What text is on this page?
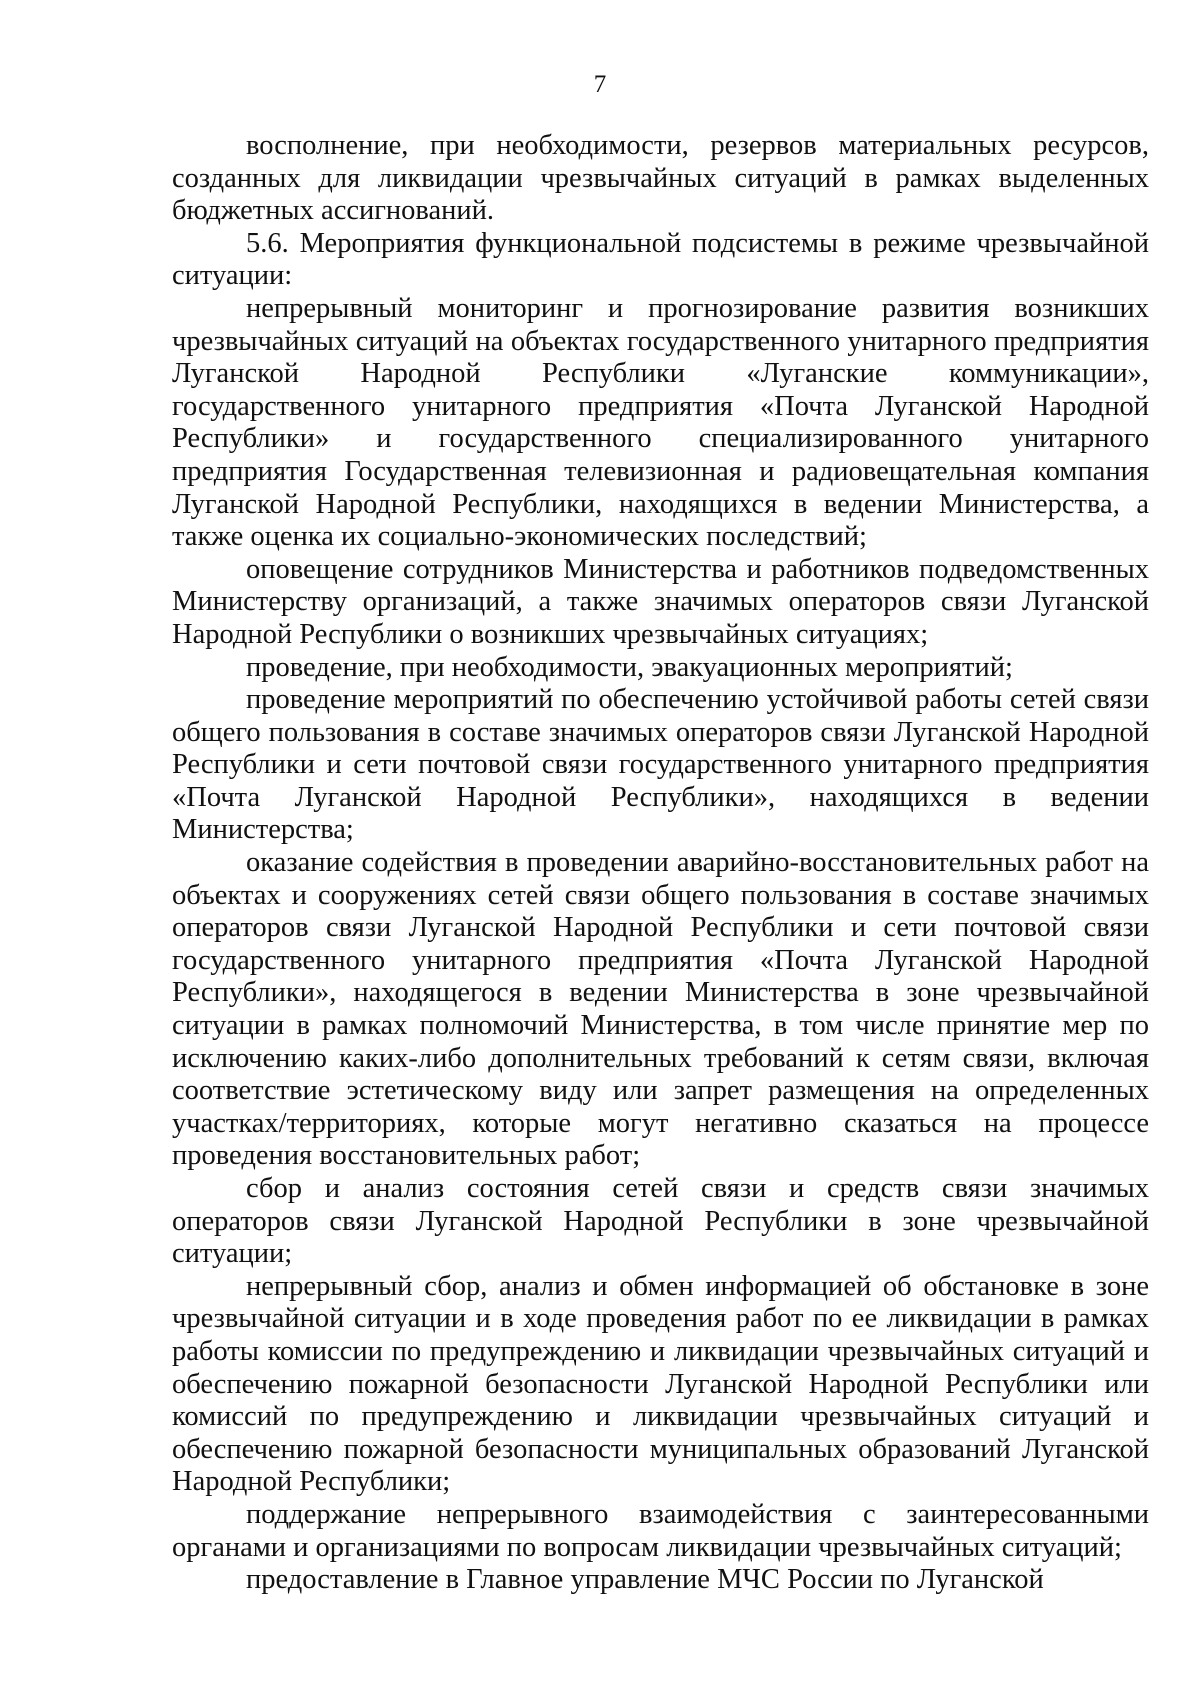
7

восполнение, при необходимости, резервов материальных ресурсов, созданных для ликвидации чрезвычайных ситуаций в рамках выделенных бюджетных ассигнований.

5.6. Мероприятия функциональной подсистемы в режиме чрезвычайной ситуации:

непрерывный мониторинг и прогнозирование развития возникших чрезвычайных ситуаций на объектах государственного унитарного предприятия Луганской Народной Республики «Луганские коммуникации», государственного унитарного предприятия «Почта Луганской Народной Республики» и государственного специализированного унитарного предприятия Государственная телевизионная и радиовещательная компания Луганской Народной Республики, находящихся в ведении Министерства, а также оценка их социально-экономических последствий;

оповещение сотрудников Министерства и работников подведомственных Министерству организаций, а также значимых операторов связи Луганской Народной Республики о возникших чрезвычайных ситуациях;

проведение, при необходимости, эвакуационных мероприятий;

проведение мероприятий по обеспечению устойчивой работы сетей связи общего пользования в составе значимых операторов связи Луганской Народной Республики и сети почтовой связи государственного унитарного предприятия «Почта Луганской Народной Республики», находящихся в ведении Министерства;

оказание содействия в проведении аварийно-восстановительных работ на объектах и сооружениях сетей связи общего пользования в составе значимых операторов связи Луганской Народной Республики и сети почтовой связи государственного унитарного предприятия «Почта Луганской Народной Республики», находящегося в ведении Министерства в зоне чрезвычайной ситуации в рамках полномочий Министерства, в том числе принятие мер по исключению каких-либо дополнительных требований к сетям связи, включая соответствие эстетическому виду или запрет размещения на определенных участках/территориях, которые могут негативно сказаться на процессе проведения восстановительных работ;

сбор и анализ состояния сетей связи и средств связи значимых операторов связи Луганской Народной Республики в зоне чрезвычайной ситуации;

непрерывный сбор, анализ и обмен информацией об обстановке в зоне чрезвычайной ситуации и в ходе проведения работ по ее ликвидации в рамках работы комиссии по предупреждению и ликвидации чрезвычайных ситуаций и обеспечению пожарной безопасности Луганской Народной Республики или комиссий по предупреждению и ликвидации чрезвычайных ситуаций и обеспечению пожарной безопасности муниципальных образований Луганской Народной Республики;

поддержание непрерывного взаимодействия с заинтересованными органами и организациями по вопросам ликвидации чрезвычайных ситуаций;

предоставление в Главное управление МЧС России по Луганской
